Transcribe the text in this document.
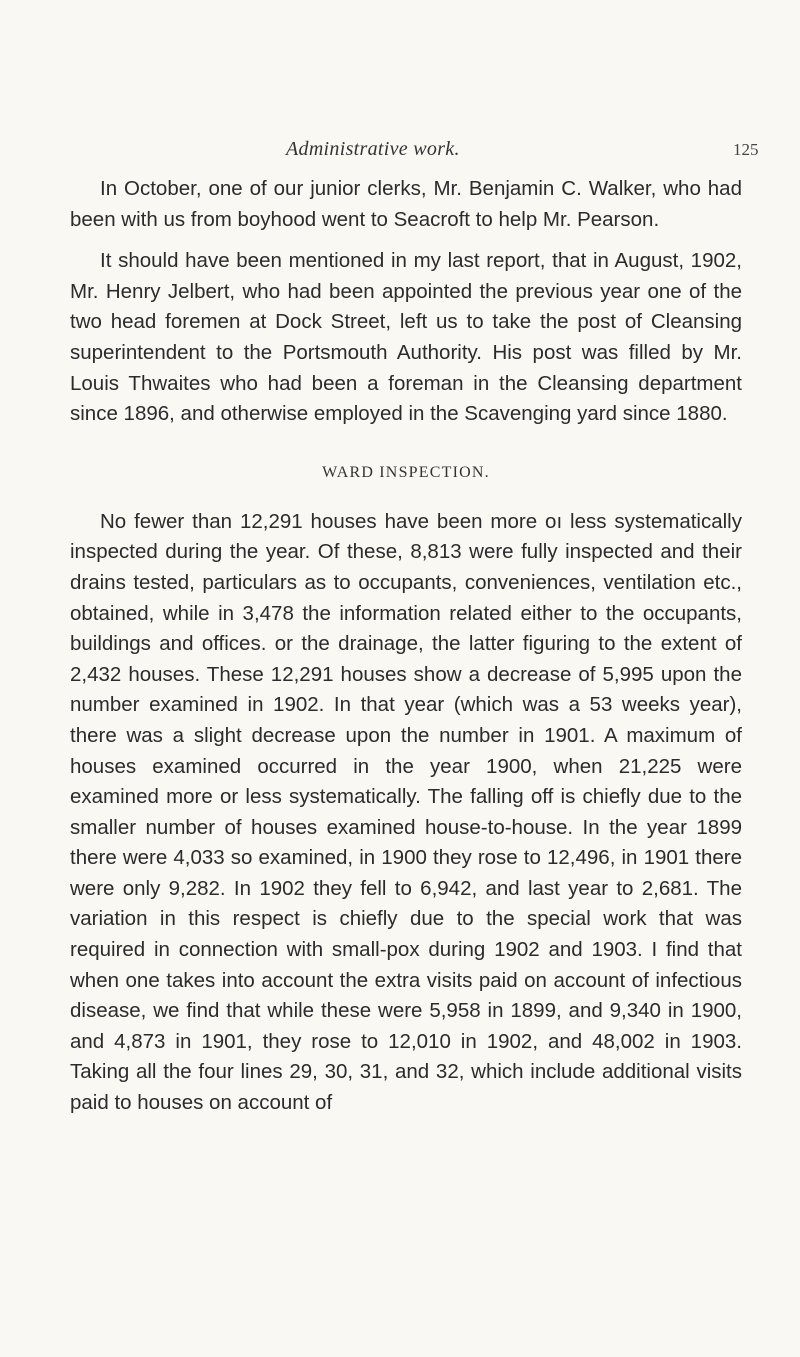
Administrative work.	125

In October, one of our junior clerks, Mr. Benjamin C. Walker, who had been with us from boyhood went to Seacroft to help Mr. Pearson.

It should have been mentioned in my last report, that in August, 1902, Mr. Henry Jelbert, who had been appointed the previous year one of the two head foremen at Dock Street, left us to take the post of Cleansing superintendent to the Portsmouth Authority. His post was filled by Mr. Louis Thwaites who had been a foreman in the Cleansing department since 1896, and otherwise employed in the Scavenging yard since 1880.

WARD INSPECTION.

No fewer than 12,291 houses have been more oı less systematically inspected during the year. Of these, 8,813 were fully inspected and their drains tested, particulars as to occupants, conveniences, ventilation etc., obtained, while in 3,478 the information related either to the occupants, buildings and offices. or the drainage, the latter figuring to the extent of 2,432 houses. These 12,291 houses show a decrease of 5,995 upon the number examined in 1902. In that year (which was a 53 weeks year), there was a slight decrease upon the number in 1901. A maximum of houses examined occurred in the year 1900, when 21,225 were examined more or less systematically. The falling off is chiefly due to the smaller number of houses examined house-to-house. In the year 1899 there were 4,033 so examined, in 1900 they rose to 12,496, in 1901 there were only 9,282. In 1902 they fell to 6,942, and last year to 2,681. The variation in this respect is chiefly due to the special work that was required in connection with small-pox during 1902 and 1903. I find that when one takes into account the extra visits paid on account of infectious disease, we find that while these were 5,958 in 1899, and 9,340 in 1900, and 4,873 in 1901, they rose to 12,010 in 1902, and 48,002 in 1903. Taking all the four lines 29, 30, 31, and 32, which include additional visits paid to houses on account of
